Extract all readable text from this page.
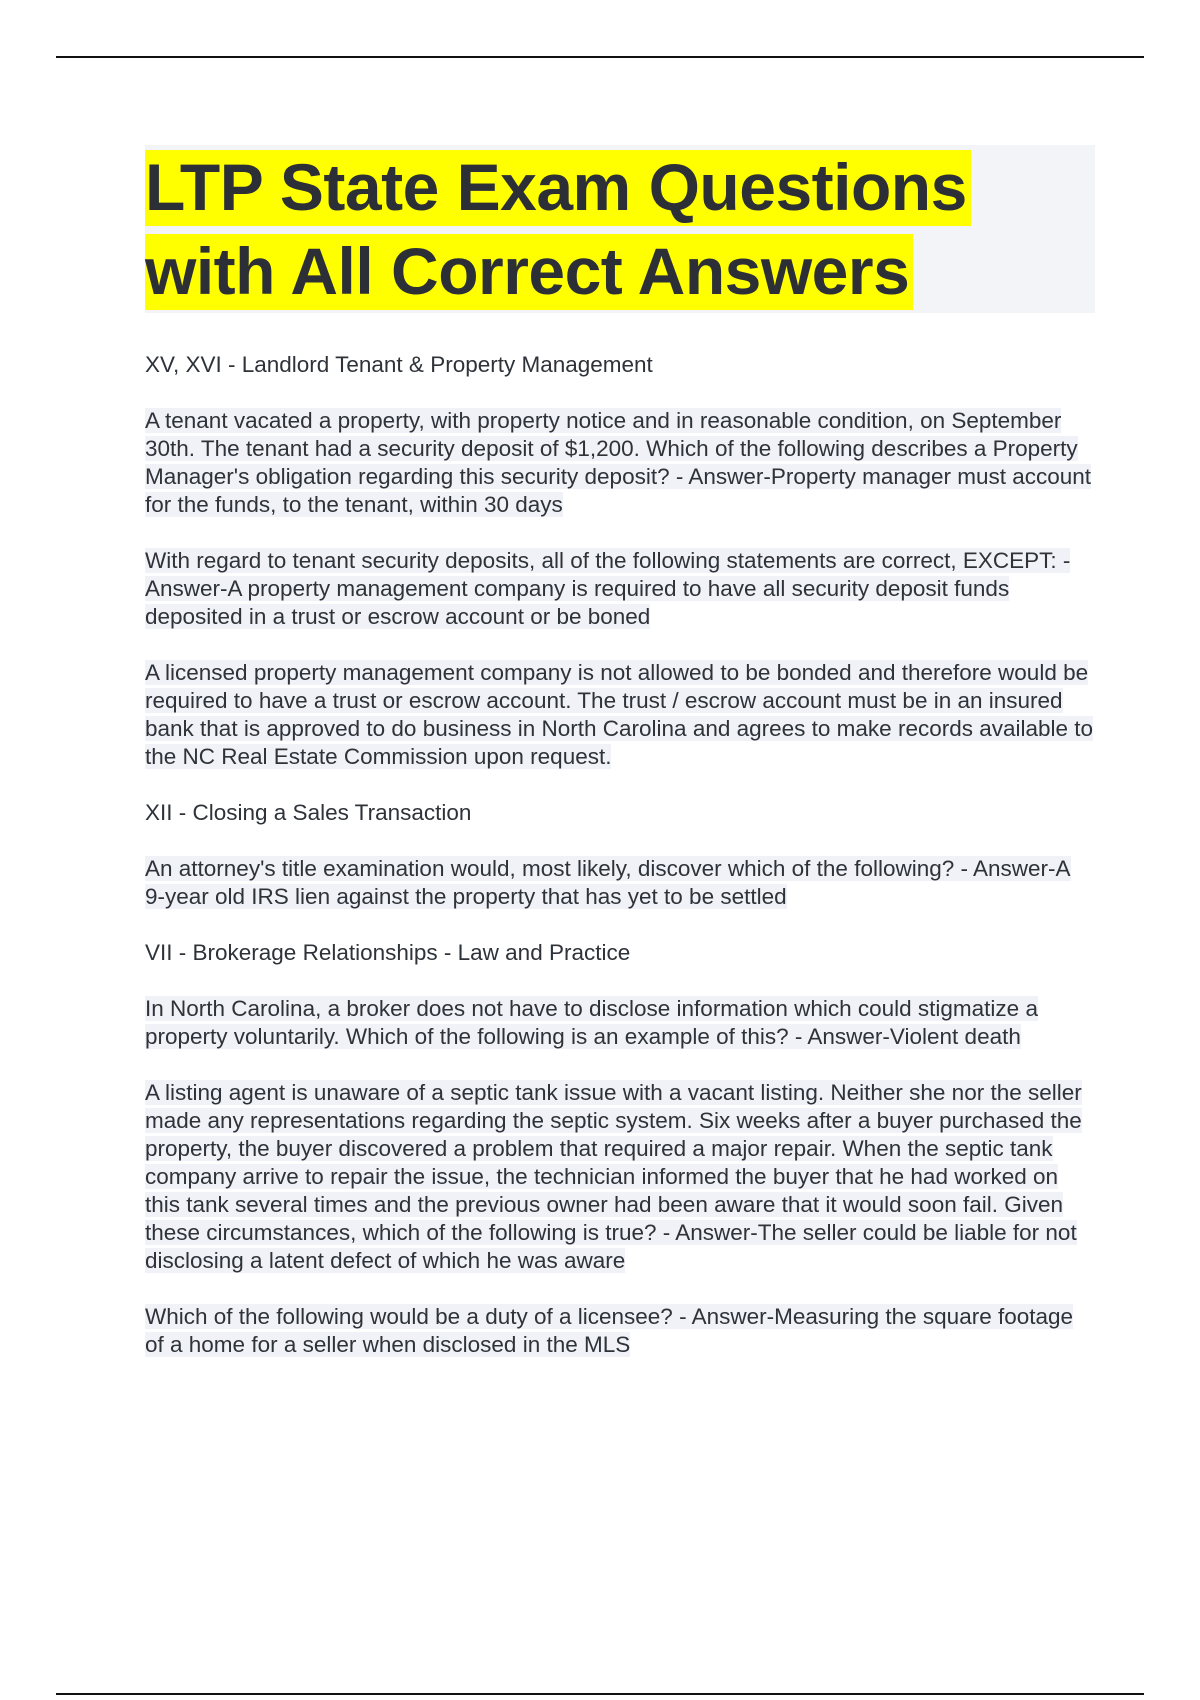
LTP State Exam Questions
with All Correct Answers

XV, XVI - Landlord Tenant & Property Management

A tenant vacated a property, with property notice and in reasonable condition, on September 30th. The tenant had a security deposit of $1,200. Which of the following describes a Property Manager's obligation regarding this security deposit? - Answer-Property manager must account for the funds, to the tenant, within 30 days

With regard to tenant security deposits, all of the following statements are correct, EXCEPT: - Answer-A property management company is required to have all security deposit funds deposited in a trust or escrow account or be boned

A licensed property management company is not allowed to be bonded and therefore would be required to have a trust or escrow account. The trust / escrow account must be in an insured bank that is approved to do business in North Carolina and agrees to make records available to the NC Real Estate Commission upon request.

XII - Closing a Sales Transaction

An attorney's title examination would, most likely, discover which of the following? - Answer-A 9-year old IRS lien against the property that has yet to be settled

VII - Brokerage Relationships - Law and Practice

In North Carolina, a broker does not have to disclose information which could stigmatize a property voluntarily. Which of the following is an example of this? - Answer-Violent death

A listing agent is unaware of a septic tank issue with a vacant listing. Neither she nor the seller made any representations regarding the septic system. Six weeks after a buyer purchased the property, the buyer discovered a problem that required a major repair. When the septic tank company arrive to repair the issue, the technician informed the buyer that he had worked on this tank several times and the previous owner had been aware that it would soon fail. Given these circumstances, which of the following is true? - Answer-The seller could be liable for not disclosing a latent defect of which he was aware

Which of the following would be a duty of a licensee? - Answer-Measuring the square footage of a home for a seller when disclosed in the MLS
